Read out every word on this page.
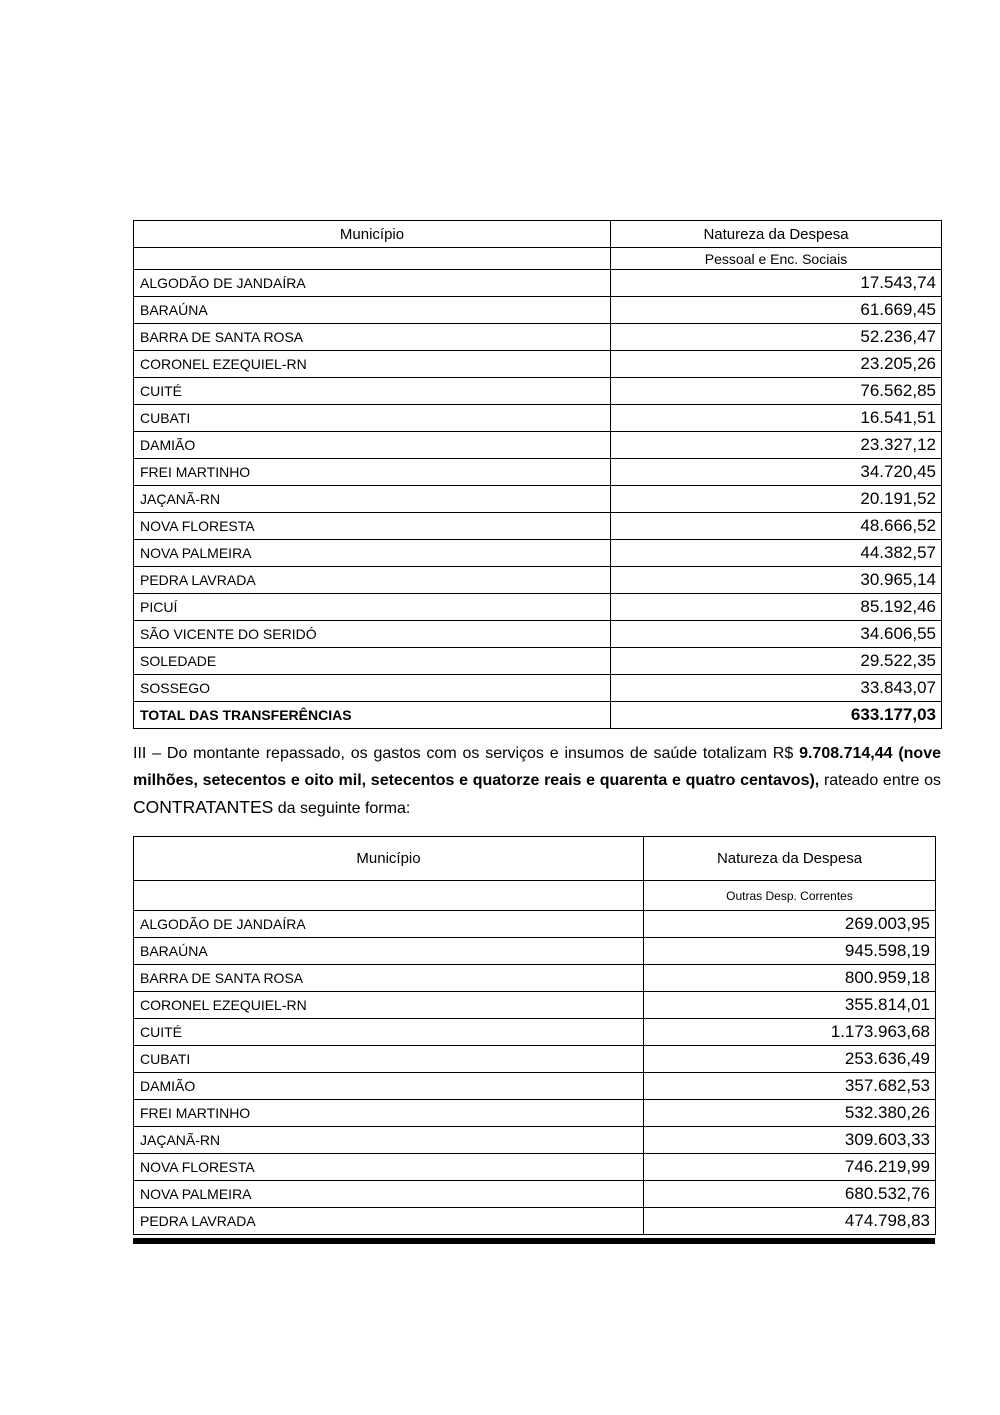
Município	Natureza da Despesa
	Pessoal e Enc. Sociais
ALGODÃO DE JANDAÍRA	17.543,74
BARAÚNA	61.669,45
BARRA DE SANTA ROSA	52.236,47
CORONEL EZEQUIEL-RN	23.205,26
CUITÉ	76.562,85
CUBATI	16.541,51
DAMIÃO	23.327,12
FREI MARTINHO	34.720,45
JAÇANÃ-RN	20.191,52
NOVA FLORESTA	48.666,52
NOVA PALMEIRA	44.382,57
PEDRA LAVRADA	30.965,14
PICUÍ	85.192,46
SÃO VICENTE DO SERIDÓ	34.606,55
SOLEDADE	29.522,35
SOSSEGO	33.843,07
TOTAL DAS TRANSFERÊNCIAS	633.177,03

III – Do montante repassado, os gastos com os serviços e insumos de saúde totalizam R$ 9.708.714,44 (nove milhões, setecentos e oito mil, setecentos e quatorze reais e quarenta e quatro centavos), rateado entre os CONTRATANTES da seguinte forma:

Município	Natureza da Despesa
	Outras Desp. Correntes
ALGODÃO DE JANDAÍRA	269.003,95
BARAÚNA	945.598,19
BARRA DE SANTA ROSA	800.959,18
CORONEL EZEQUIEL-RN	355.814,01
CUITÉ	1.173.963,68
CUBATI	253.636,49
DAMIÃO	357.682,53
FREI MARTINHO	532.380,26
JAÇANÃ-RN	309.603,33
NOVA FLORESTA	746.219,99
NOVA PALMEIRA	680.532,76
PEDRA LAVRADA	474.798,83
